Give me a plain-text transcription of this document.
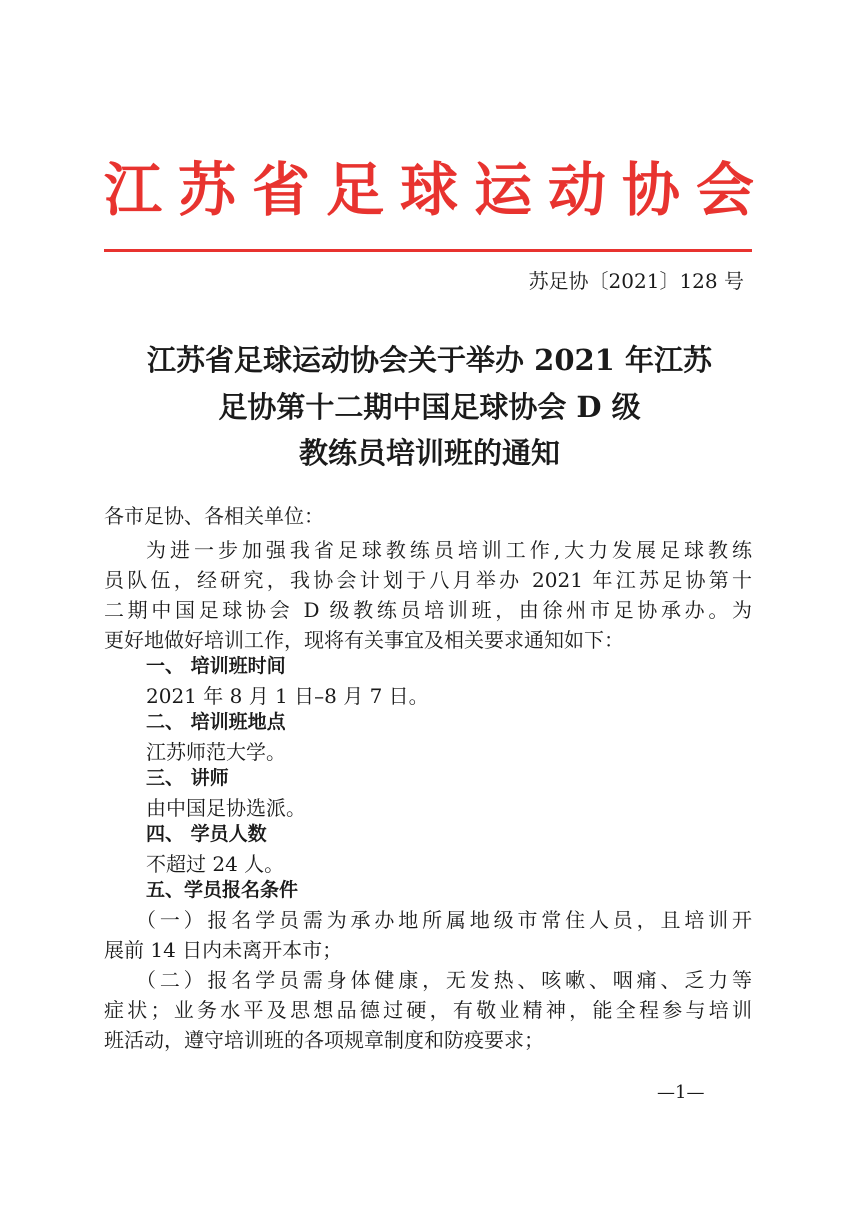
江苏省足球运动协会
苏足协〔2021〕128 号
江苏省足球运动协会关于举办 2021 年江苏
足协第十二期中国足球协会 D 级
教练员培训班的通知
各市足协、各相关单位：
为进一步加强我省足球教练员培训工作,大力发展足球教练
员队伍，经研究，我协会计划于八月举办 2021 年江苏足协第十
二期中国足球协会 D 级教练员培训班，由徐州市足协承办。为
更好地做好培训工作，现将有关事宜及相关要求通知如下：
一、 培训班时间
2021 年 8 月 1 日–8 月 7 日。
二、 培训班地点
江苏师范大学。
三、 讲师
由中国足协选派。
四、 学员人数
不超过 24 人。
五、学员报名条件
（一）报名学员需为承办地所属地级市常住人员，且培训开
展前 14 日内未离开本市；
（二）报名学员需身体健康，无发热、咳嗽、咽痛、乏力等
症状；业务水平及思想品德过硬，有敬业精神，能全程参与培训
班活动，遵守培训班的各项规章制度和防疫要求；
—1—
